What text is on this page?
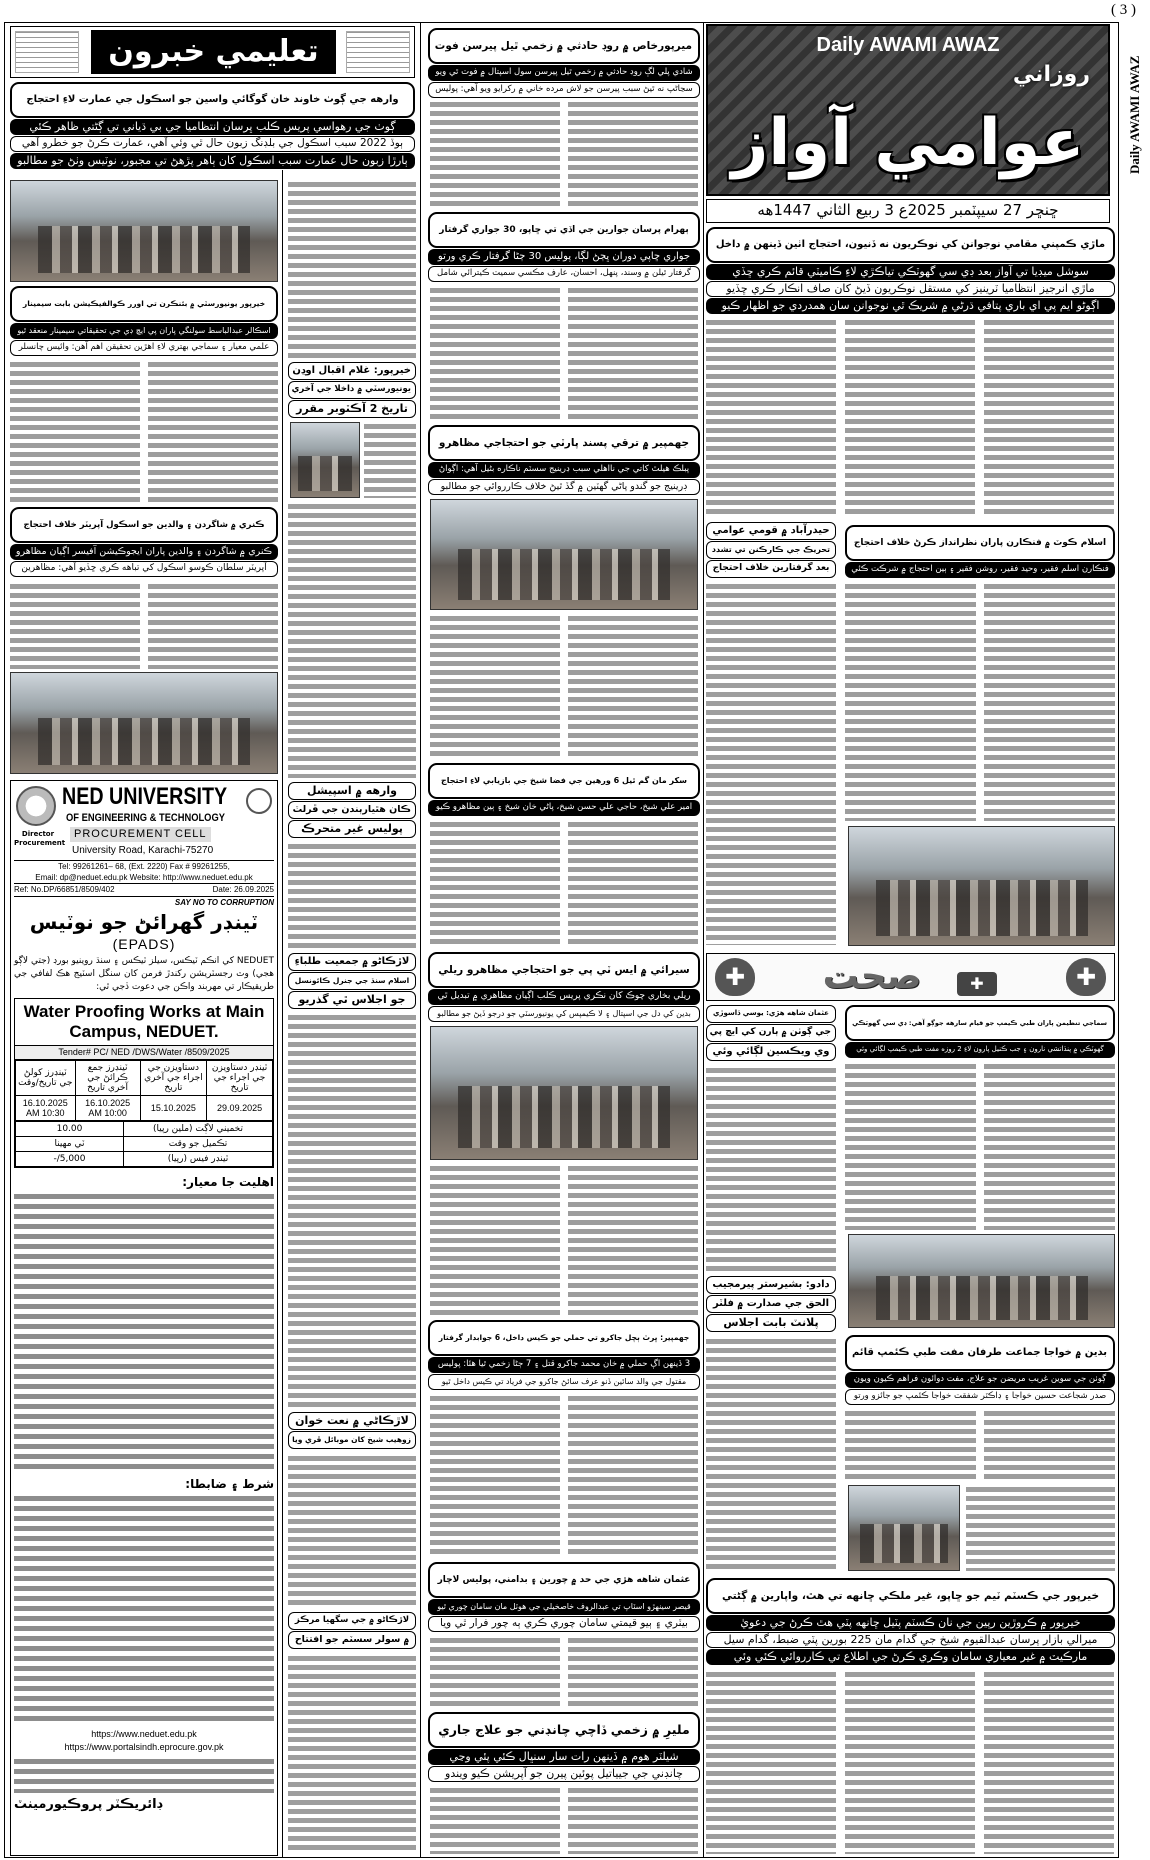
( 3 )
Daily AWAMI AWAZ
Daily AWAMI AWAZ
روزاني
عوامي آواز
ڇنڇر 27 سيپٽمبر 2025ع 3 ربيع الثاني 1447هه
تعليمي خبرون
وارهه جي ڳوٺ خاوند خان گوگائي واسين جو اسڪول جي عمارت لاءِ احتجاج
ڳوٺ جي رهواسي پريس ڪلب ڀرسان انتظاميا جي بي ڌياني تي ڳڻتي ظاهر ڪئي
ٻوڏ 2022 سبب اسڪول جي بلڊنگ زبون حال ٿي وئي آهي، عمارت ڪرڻ جو خطرو آهي
ٻارڙا زبون حال عمارت سبب اسڪول کان ٻاهر پڙهڻ تي مجبور، نوٽيس وٺڻ جو مطالبو
خيرپور يونيورسٽي ۾ بئنڪرن تي اورر ڪوالفيڪيشن بابت سيمينار
اسڪالر عبدالباسط سولنگي پاران پي ايڇ ڊي جي تحقيقاتي سيمينار منعقد ٿيو
علمي معيار ۽ سماجي بهتري لاءِ اهڙين تحقيقن اهم آهن: وائيس چانسلر
ڪنري ۾ شاگردن ۽ والدين جو اسڪول آپريٽر خلاف احتجاج
ڪنري ۾ شاگردن ۽ والدين پاران ايجوڪيشن آفيسر اڳيان مظاهرو
آپريٽر سلطان ڪوسو اسڪول کي تباهه ڪري ڇڏيو آهي: مظاهرين
خيرپور: غلام اقبال اوڍن
يونيورسٽي ۾ داخلا جي آخري
تاريخ 2 آڪٽوبر مقرر
وارهه ۾ اسپيشل
ڪان هٿيارٻندن جي ڦرلٽ
پوليس غير متحرڪ
لاڙڪاڻو ۾ جمعيت طلباءِ
اسلام سنڌ جي جنرل ڪائونسل
جو اجلاس ٿي گذريو
لاڙڪاڻي ۾ نعت خوان
زوهيب شيخ کان موبائل ڦري ويا
لاڙڪاڻو ۾ جي سگھيا مرڪز
۾ سولر سسٽم جو افتتاح
Director Procurement
NED UNIVERSITY
OF ENGINEERING & TECHNOLOGY
PROCUREMENT CELL
University Road, Karachi-75270
Tel: 99261261– 68, (Ext. 2220) Fax # 99261255,
Email: dp@neduet.edu.pk Website: http://www.neduet.edu.pk
Ref: No.DP/66851/8509/402	Date: 26.09.2025
SAY NO TO CORRUPTION
ٽينڊر گهرائڻ جو نوٽيس
(EPADS)
NEDUET کي انڪم ٽيڪس، سيلز ٽيڪس ۽ سنڌ روينيو بورڊ (جتي لاڳو هجي) وٽ رجسٽريشن رکندڙ فرمن کان سنگل اسٽيج هڪ لفافي جي طريقيڪار تي مهربند واڪن جي دعوت ڏجي ٿي:
Water Proofing Works at Main Campus, NEDUET.
Tender# PC/ NED /DWS/Water /8509/2025
ٽينڊر دستاويزن جي اجراء جي تاريخ	دستاويزن جي اجراء جي آخري تاريخ	ٽينڊرز جمع ڪرائڻ جي آخري تاريخ	ٽينڊرز کولڻ جي تاريخ/وقت
29.09.2025	15.10.2025	16.10.2025 10:00 AM	16.10.2025 10:30 AM
تخميني لاڳت (ملين رپيا)	10.00
تڪميل جو وقت	ٽي مهينا
ٽينڊر فيس (رپيا)	5,000/-
اهليت جا معيار:
شرط ۽ ضابطا:
https://www.neduet.edu.pk
https://www.portalsindh.eprocure.gov.pk
ڊائريڪٽر پروڪيورمينٽ
ميرپورخاص ۾ روڊ حادثي ۾ زخمي ٿيل پيرسن فوت
شادي پلي لڳ روڊ حادثي ۾ زخمي ٿيل پيرسن سول اسپتال ۾ فوت ٿي ويو
سڃاڻپ نه ٿيڻ سبب پيرسن جو لاش مرده خاني ۾ رکرايو ويو آهي: پوليس
ٻهرام پرسان جوارين جي اڏي تي ڇاپو، 30 جواري گرفتار
جواري ڇاپي دوران ڀڄڻ لڳا، پوليس 30 ڄڻا گرفتار ڪري ورتو
گرفتار ٿيلن ۾ وسند، پنهل، احسان، عارف مڪسي سميت ڪيترائي شامل
جهمپير ۾ ترقي پسند پارٽي جو احتجاجي مظاهرو
پبلڪ هيلٿ کاتي جي نااهلي سبب ڊرينيج سسٽم ناڪاره بڻيل آهي: اڳواڻ
ڊرينيج جو گندو پاڻي گهٽين ۾ گڏ ٿيڻ خلاف ڪارروائي جو مطالبو
سکر مان گم ٿيل 6 ورهين جي فضا شيخ جي بازيابي لاءِ احتجاج
امير علي شيخ، حاجي علي حسن شيخ، پاڻي خان شيخ ۽ ٻين مظاهرو ڪيو
سيرائي ۾ ايس ٽي پي جو احتجاجي مظاهرو ريلي
ريلي بخاري چوڪ کان نڪري پريس ڪلب اڳيان مظاهري ۾ تبديل ٿي
بدين کي دل جي اسپتال ۽ لا ڪيمپس کي يونيورسٽي جو درجو ڏيڻ جو مطالبو
جهمپير: ڀرٽ ٻچل جاکرو تي حملي جو ڪيس داخل، 6 جوابدار گرفتار
3 ڏينهن اڳ حملي ۾ خان محمد جاکرو قتل ۽ 7 ڄڻا زخمي ٿيا هئا: پوليس
مقتول جي والد سائين ڏنو عرف سائڻ جاکرو جي فرياد تي ڪيس داخل ٿيو
عثمان شاهه هڙي جي حد ۾ چورين ۽ بدامني، پوليس لاچار
قيصر سينهڙو اسٽاپ تي عبدالروف خاصخيلي جي هوٽل مان سامان چوري ٿيو
بيٽري ۽ ٻيو قيمتي سامان چوري ڪري ٻه چور فرار ٿي ويا
مليرِ ۾ زخمي ڏاچي چانڊني جو علاج جاري
شيلٽر هوم ۾ ڏينهن رات سار سنڀال ڪئي پئي وڃي
چانڊني جي جيياتيل پوئين پيرن جو آپريشن ڪيو ويندو
ماڙي ڪمپني مقامي نوجوانن کي نوڪريون نه ڏنيون، احتجاج اٺين ڏينهن ۾ داخل
سوشل ميڊيا تي آواز بعد ڊي سي گهوٽڪي تياڪڙي لاءِ ڪاميٽي قائم ڪري ڇڏي
ماڙي انرجيز انتظاميا ٽرينيز کي مستقل نوڪريون ڏيڻ کان صاف انڪار ڪري ڇڏيو
اڳوڻو ايم پي اي باري پتافي ڌرڻي ۾ شريڪ ٿي نوجوانن سان همدردي جو اظهار ڪيو
حيدرآباد ۾ قومي عوامي
تحريڪ جي ڪارڪنن تي تشدد
بعد گرفتارين خلاف احتجاج
اسلام ڪوٽ ۾ فنڪارن پاران نظرانداز ڪرڻ خلاف احتجاج
فنڪارن اسلم فقير، وحيد فقير، روشن فقير ۽ ٻين احتجاج ۾ شرڪت ڪئي
✚	صحت	✚	✚
عثمان شاهه هڙي: يوسي ڏاسوڙي
جي ڳوٺن ۾ ٻارن کي ايڇ پي
وي ويڪسين لڳائي وئي
سماجي تنظيمن پاران طبي ڪيمپ جو قيام سارهه جوڳو آهي: ڊي سي گهوٽڪي
گهوٽڪي ۾ پنڌاتشي نارون ۽ جب ڪنيل پارون لاءِ 2 روزه مفت طبي ڪيمپ لڳائي وئي
دادو: بشيرستر پيرمجيب
الحق جي صدارت ۾ فلٽر
پلانٽ بابت اجلاس
بدين ۾ خواجا جماعت طرفان مفت طبي ڪئمپ قائم
ڳوٺن جي سوين غريب مريضن جو علاج، مفت دوائون فراهم ڪيون ويون
صدر شجاعت حسين خواجا ۽ ڊاڪٽر شفقت خواجا ڪئمپ جو جائزو ورتو
خيرپور جي ڪسٽم ٽيم جو ڇاپو، غير ملڪي ڇانهه تي هٿ، واپارين ۾ ڳڻتي
خيرپور ۾ ڪروڙين رپين جي نان ڪسٽم پٽيل ڇانهه پٽي هٿ ڪرڻ جي دعويٰ
ميرالي بازار پرسان عبدالقيوم شيخ جي گدام مان 225 بورين پٽي ضبط، گدام سيل
مارڪيٽ ۾ غير معياري سامان وڪري ڪرڻ جي اطلاع تي ڪارروائي ڪئي وئي
